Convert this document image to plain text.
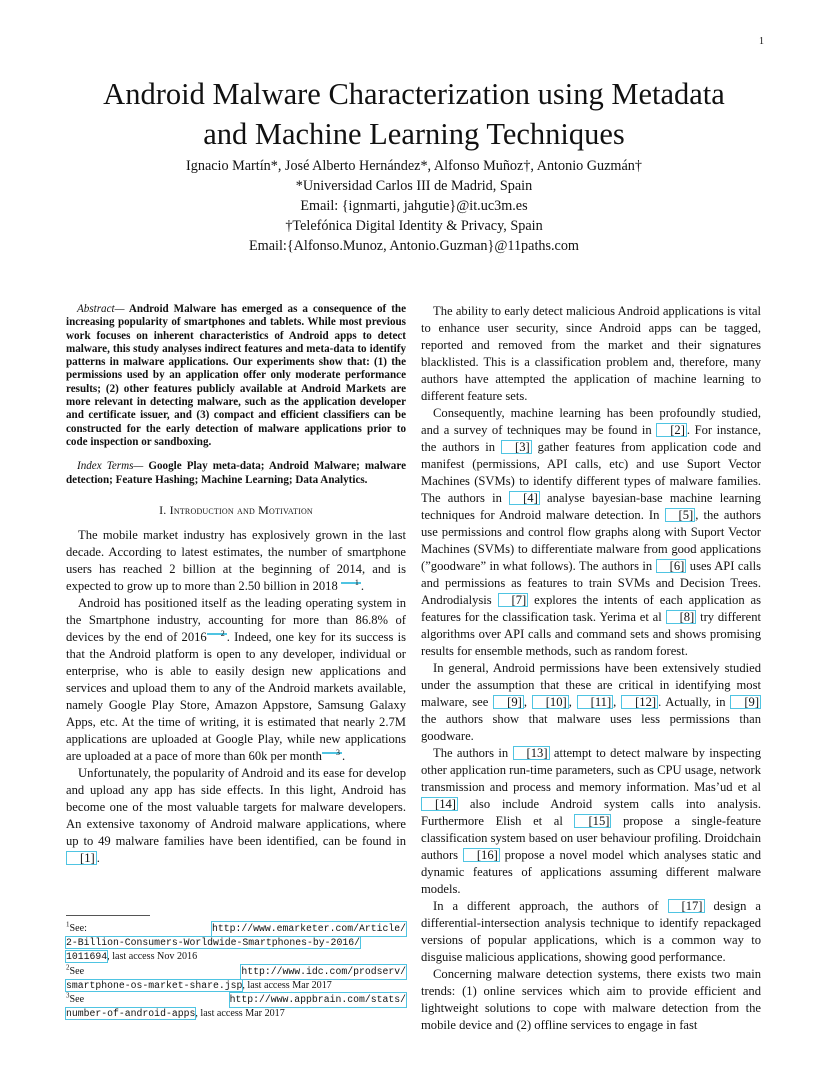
1
Android Malware Characterization using Metadata
and Machine Learning Techniques
Ignacio Martín*, José Alberto Hernández*, Alfonso Muñoz†, Antonio Guzmán†
*Universidad Carlos III de Madrid, Spain
Email: {ignmarti, jahgutie}@it.uc3m.es
†Telefónica Digital Identity & Privacy, Spain
Email:{Alfonso.Munoz, Antonio.Guzman}@11paths.com

Abstract— Android Malware has emerged as a consequence of the increasing popularity of smartphones and tablets. While most previous work focuses on inherent characteristics of Android apps to detect malware, this study analyses indirect features and meta-data to identify patterns in malware applications. Our experiments show that: (1) the permissions used by an application offer only moderate performance results; (2) other features publicly available at Android Markets are more relevant in detecting malware, such as the application developer and certificate issuer, and (3) compact and efficient classifiers can be constructed for the early detection of malware applications prior to code inspection or sandboxing.

Index Terms— Google Play meta-data; Android Malware; malware detection; Feature Hashing; Machine Learning; Data Analytics.

I. Introduction and Motivation

The mobile market industry has explosively grown in the last decade. According to latest estimates, the number of smartphone users has reached 2 billion at the beginning of 2014, and is expected to grow up to more than 2.50 billion in 2018 1 .

Android has positioned itself as the leading operating system in the Smartphone industry, accounting for more than 86.8% of devices by the end of 2016 2 . Indeed, one key for its success is that the Android platform is open to any developer, individual or enterprise, who is able to easily design new applications and services and upload them to any of the Android markets available, namely Google Play Store, Amazon Appstore, Samsung Galaxy Apps, etc. At the time of writing, it is estimated that nearly 2.7M applications are uploaded at Google Play, while new applications are uploaded at a pace of more than 60k per month 3 .

Unfortunately, the popularity of Android and its ease for develop and upload any app has side effects. In this light, Android has become one of the most valuable targets for malware developers. An extensive taxonomy of Android malware applications, where up to 49 malware families have been identified, can be found in [1] .

$^1$See:	http://www.emarketer.com/Article/
2-Billion-Consumers-Worldwide-Smartphones-by-2016/
1011694, last access Nov 2016
$^2$See	http://www.idc.com/prodserv/
smartphone-os-market-share.jsp, last access Mar 2017
$^3$See	http://www.appbrain.com/stats/
number-of-android-apps, last access Mar 2017

The ability to early detect malicious Android applications is vital to enhance user security, since Android apps can be tagged, reported and removed from the market and their signatures blacklisted. This is a classification problem and, therefore, many authors have attempted the application of machine learning to different feature sets.

Consequently, machine learning has been profoundly studied, and a survey of techniques may be found in [2] . For instance, the authors in [3] gather features from application code and manifest (permissions, API calls, etc) and use Suport Vector Machines (SVMs) to identify different types of malware families. The authors in [4] analyse bayesian-base machine learning techniques for Android malware detection. In [5] , the authors use permissions and control flow graphs along with Suport Vector Machines (SVMs) to differentiate malware from good applications (”goodware” in what follows). The authors in [6] uses API calls and permissions as features to train SVMs and Decision Trees. Androdialysis [7] explores the intents of each application as features for the classification task. Yerima et al [8] try different algorithms over API calls and command sets and shows promising results for ensemble methods, such as random forest.

In general, Android permissions have been extensively studied under the assumption that these are critical in identifying most malware, see [9] , [10] , [11] , [12] . Actually, in [9] the authors show that malware uses less permissions than goodware.

The authors in [13] attempt to detect malware by inspecting other application run-time parameters, such as CPU usage, network transmission and process and memory information. Mas’ud et al [14] also include Android system calls into analysis. Furthermore Elish et al [15] propose a single-feature classification system based on user behaviour profiling. Droidchain authors [16] propose a novel model which analyses static and dynamic features of applications assuming different malware models.

In a different approach, the authors of [17] design a differential-intersection analysis technique to identify repackaged versions of popular applications, which is a common way to disguise malicious applications, showing good performance.

Concerning malware detection systems, there exists two main trends: (1) online services which aim to provide efficient and lightweight solutions to cope with malware detection from the mobile device and (2) offline services to engage in fast
